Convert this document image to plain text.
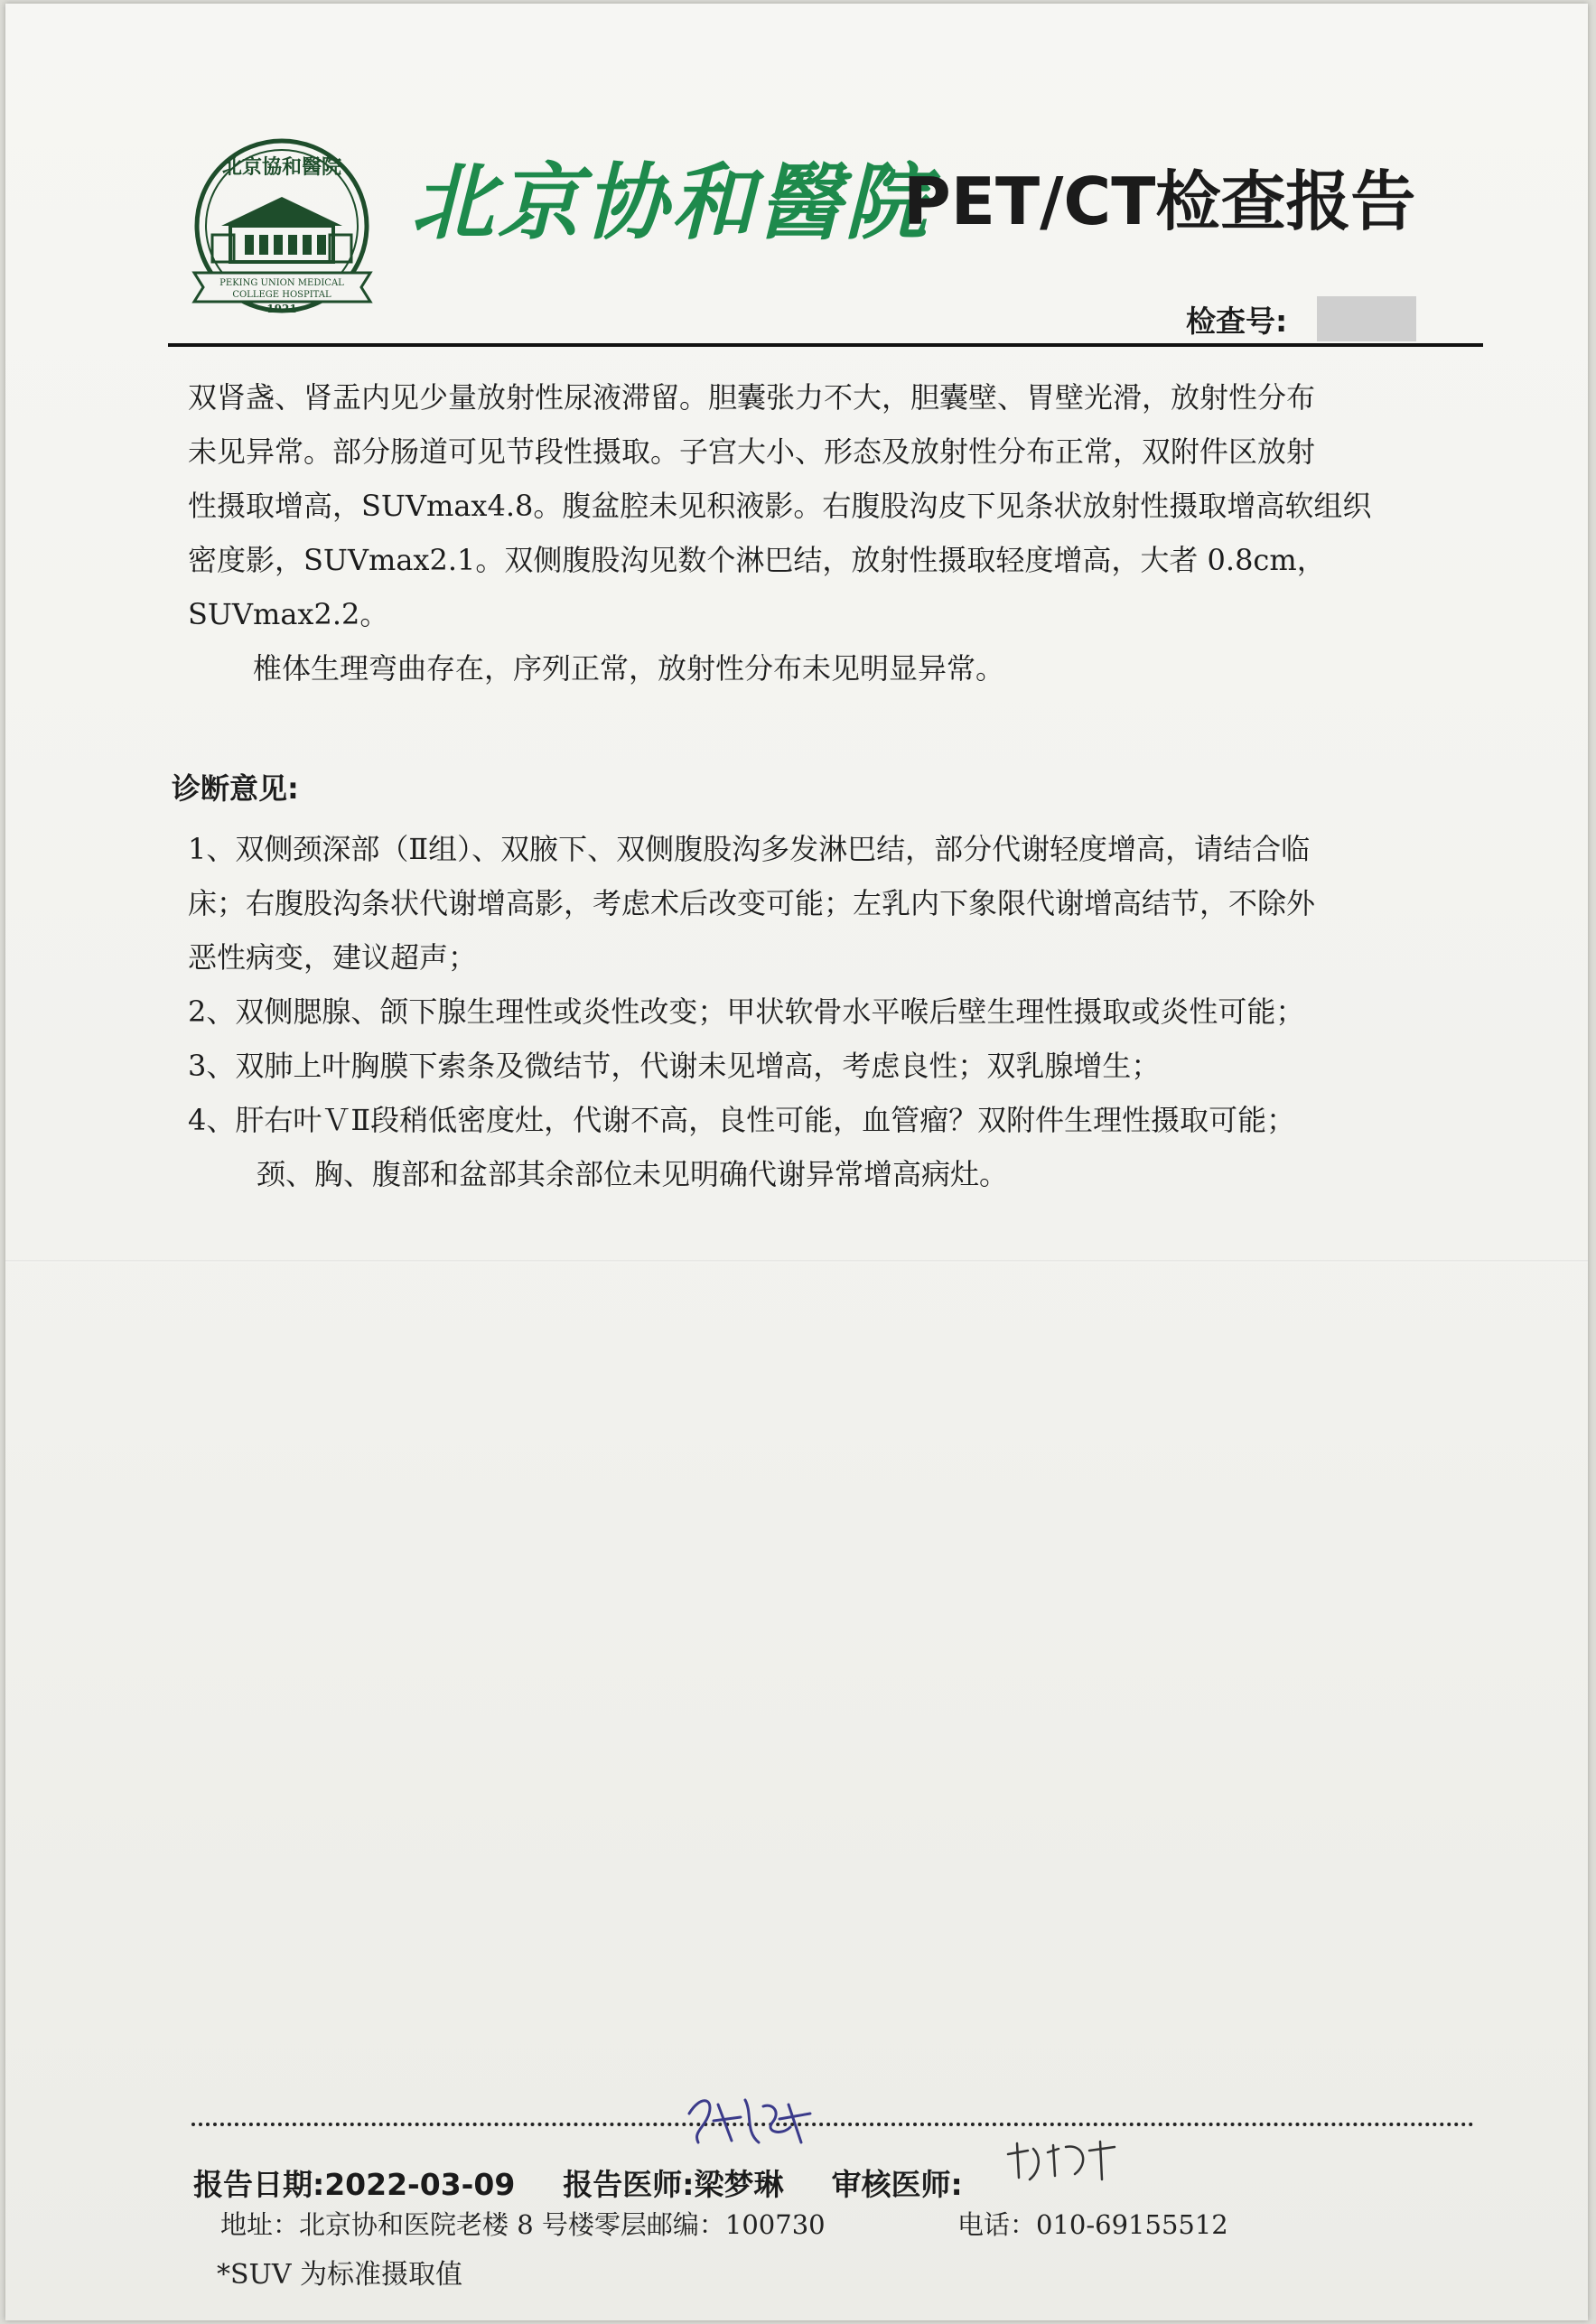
北京協和醫院
PEKING UNION MEDICAL
COLLEGE HOSPITAL
1921
北京协和醫院
PET/CT检查报告
检查号:

双肾盏、肾盂内见少量放射性尿液滞留。胆囊张力不大，胆囊壁、胃壁光滑，放射性分布

未见异常。部分肠道可见节段性摄取。子宫大小、形态及放射性分布正常，双附件区放射

性摄取增高，SUVmax4.8。腹盆腔未见积液影。右腹股沟皮下见条状放射性摄取增高软组织

密度影，SUVmax2.1。双侧腹股沟见数个淋巴结，放射性摄取轻度增高，大者 0.8cm，

SUVmax2.2。

椎体生理弯曲存在，序列正常，放射性分布未见明显异常。

诊断意见:

1、双侧颈深部（Ⅱ组）、双腋下、双侧腹股沟多发淋巴结，部分代谢轻度增高，请结合临

床；右腹股沟条状代谢增高影，考虑术后改变可能；左乳内下象限代谢增高结节，不除外

恶性病变，建议超声；

2、双侧腮腺、颌下腺生理性或炎性改变；甲状软骨水平喉后壁生理性摄取或炎性可能；

3、双肺上叶胸膜下索条及微结节，代谢未见增高，考虑良性；双乳腺增生；

4、肝右叶ＶⅡ段稍低密度灶，代谢不高，良性可能，血管瘤？双附件生理性摄取可能；

颈、胸、腹部和盆部其余部位未见明确代谢异常增高病灶。

报告日期:2022-03-09 报告医师:梁梦琳 审核医师:
地址：北京协和医院老楼 8 号楼零层邮编：100730	电话：010-69155512
*SUV 为标准摄取值
